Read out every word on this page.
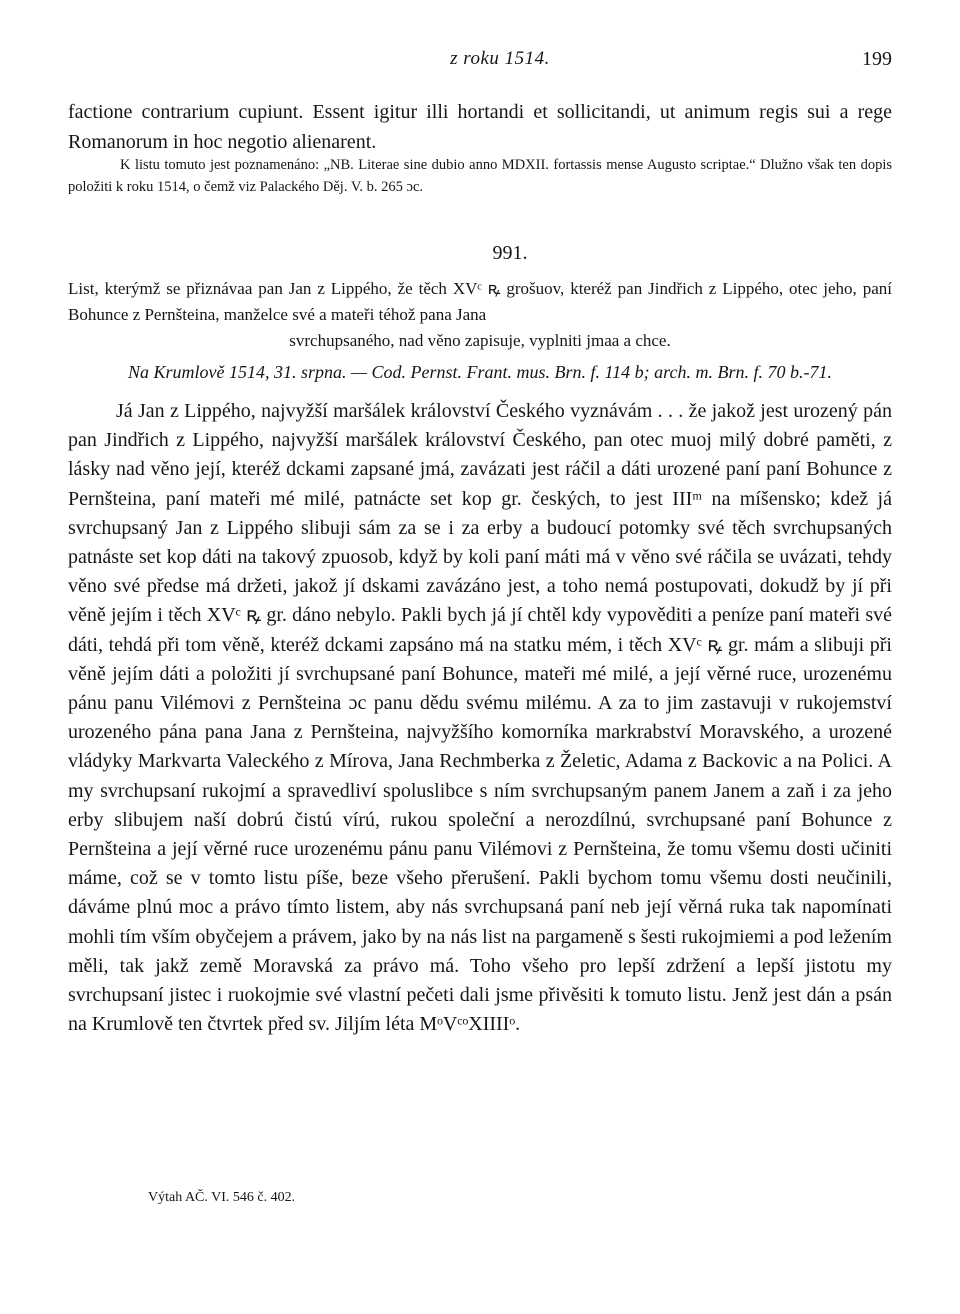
z roku 1514.	199

factione contrarium cupiunt. Essent igitur illi hortandi et sollicitandi, ut animum regis sui a rege Romanorum in hoc negotio alienarent.

K listu tomuto jest poznamenáno: „NB. Literae sine dubio anno MDXII. fortassis mense Augusto scriptae.“ Dlužno však ten dopis položiti k roku 1514, o čemž viz Palackého Děj. V. b. 265 ɔc.

991.

List, kterýmž se přiznávaa pan Jan z Lippého, že těch XVᶜ ꝶ grošuov, kteréž pan Jindřich z Lippého, otec jeho, paní Bohunce z Pernšteina, manželce své a mateři téhož pana Jana
svrchupsaného, nad věno zapisuje, vyplniti jmaa a chce.

Na Krumlově 1514, 31. srpna. — Cod. Pernst. Frant. mus. Brn. f. 114 b; arch. m. Brn. f. 70 b.-71.

Já Jan z Lippého, najvyžší maršálek království Českého vyznávám . . . že jakož jest urozený pán pan Jindřich z Lippého, najvyžší maršálek království Českého, pan otec muoj milý dobré paměti, z lásky nad věno její, kteréž dckami zapsané jmá, zavázati jest ráčil a dáti urozené paní paní Bohunce z Pernšteina, paní mateři mé milé, patnácte set kop gr. českých, to jest IIIᵐ na míšensko; kdež já svrchupsaný Jan z Lippého slibuji sám za se i za erby a budoucí potomky své těch svrchupsaných patnáste set kop dáti na takový zpuosob, když by koli paní máti má v věno své ráčila se uvázati, tehdy věno své předse má držeti, jakož jí dskami zavázáno jest, a toho nemá postupovati, dokudž by jí při věně jejím i těch XVᶜ ꝶ gr. dáno nebylo. Pakli bych já jí chtěl kdy vypověditi a peníze paní mateři své dáti, tehdá při tom věně, kteréž dckami zapsáno má na statku mém, i těch XVᶜ ꝶ gr. mám a slibuji při věně jejím dáti a položiti jí svrchupsané paní Bohunce, mateři mé milé, a její věrné ruce, urozenému pánu panu Vilémovi z Pernšteina ɔc panu dědu svému milému. A za to jim zastavuji v rukojemství urozeného pána pana Jana z Pernšteina, najvyžšího komorníka markrabství Moravského, a urozené vládyky Markvarta Valeckého z Mírova, Jana Rechmberka z Želetic, Adama z Backovic a na Polici. A my svrchupsaní rukojmí a spravedliví spoluslibce s ním svrchupsaným panem Janem a zaň i za jeho erby slibujem naší dobrú čistú vírú, rukou společní a nerozdílnú, svrchupsané paní Bohunce z Pernšteina a její věrné ruce urozenému pánu panu Vilémovi z Pernšteina, že tomu všemu dosti učiniti máme, což se v tomto listu píše, beze všeho přerušení. Pakli bychom tomu všemu dosti neučinili, dáváme plnú moc a právo tímto listem, aby nás svrchupsaná paní neb její věrná ruka tak napomínati mohli tím vším obyčejem a právem, jako by na nás list na pargameně s šesti rukojmiemi a pod ležením měli, tak jakž země Moravská za právo má. Toho všeho pro lepší zdržení a lepší jistotu my svrchupsaní jistec i ruokojmie své vlastní pečeti dali jsme přivěsiti k tomuto listu. Jenž jest dán a psán na Krumlově ten čtvrtek před sv. Jiljím léta MᵒVᶜᵒXIIIIᵒ.

Výtah AČ. VI. 546 č. 402.
